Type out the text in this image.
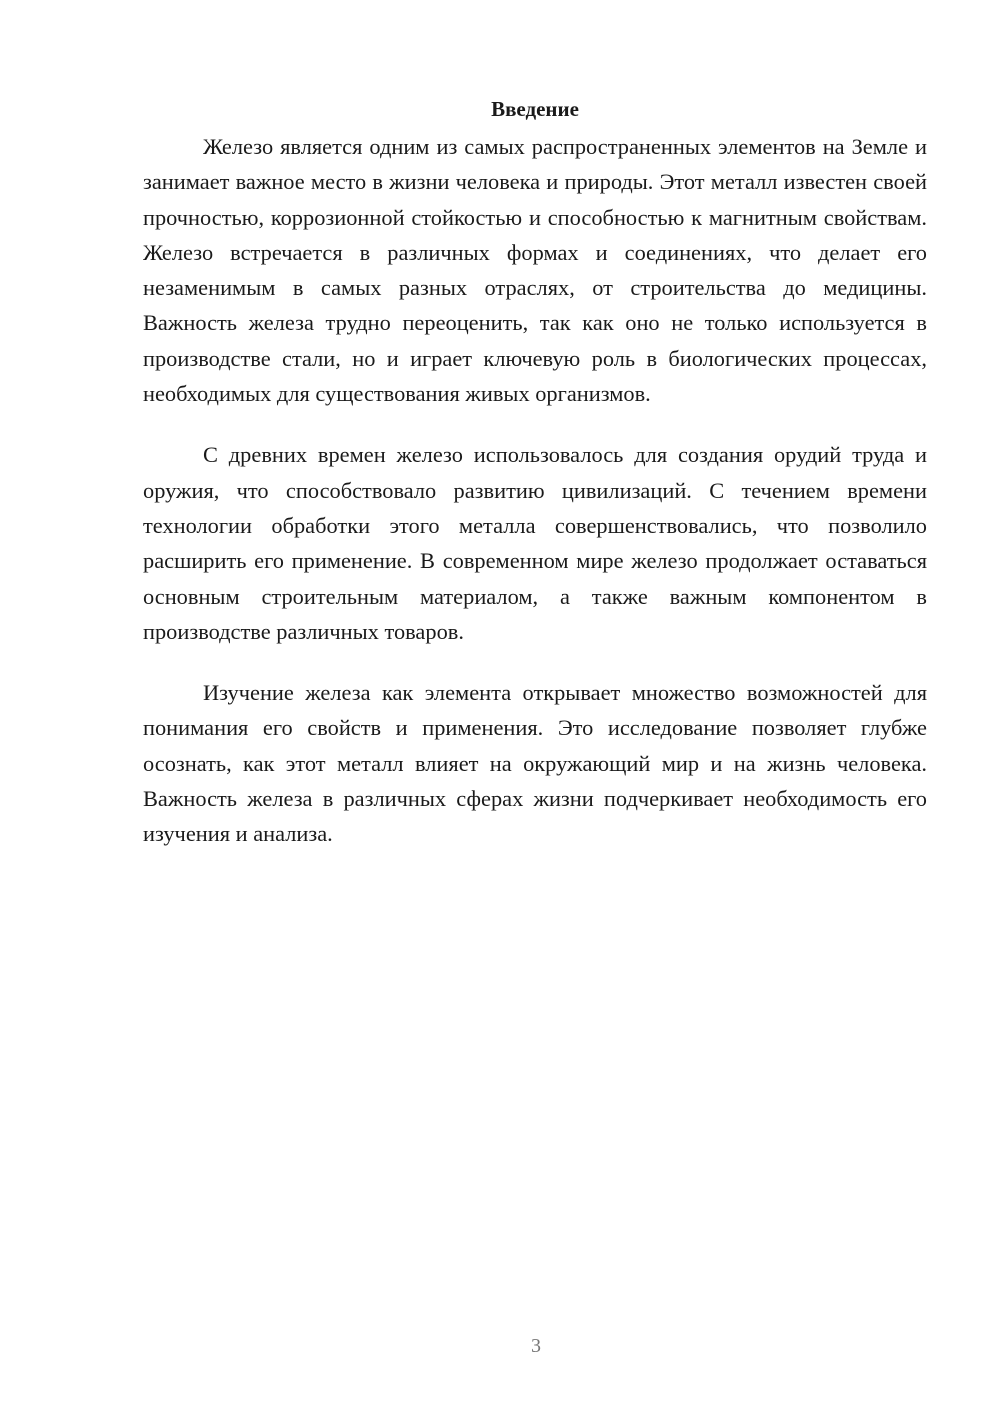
Введение

Железо является одним из самых распространенных элементов на Земле и занимает важное место в жизни человека и природы. Этот металл известен своей прочностью, коррозионной стойкостью и способностью к магнитным свойствам. Железо встречается в различных формах и соединениях, что делает его незаменимым в самых разных отраслях, от строительства до медицины. Важность железа трудно переоценить, так как оно не только используется в производстве стали, но и играет ключевую роль в биологических процессах, необходимых для существования живых организмов.

С древних времен железо использовалось для создания орудий труда и оружия, что способствовало развитию цивилизаций. С течением времени технологии обработки этого металла совершенствовались, что позволило расширить его применение. В современном мире железо продолжает оставаться основным строительным материалом, а также важным компонентом в производстве различных товаров.

Изучение железа как элемента открывает множество возможностей для понимания его свойств и применения. Это исследование позволяет глубже осознать, как этот металл влияет на окружающий мир и на жизнь человека. Важность железа в различных сферах жизни подчеркивает необходимость его изучения и анализа.

3
